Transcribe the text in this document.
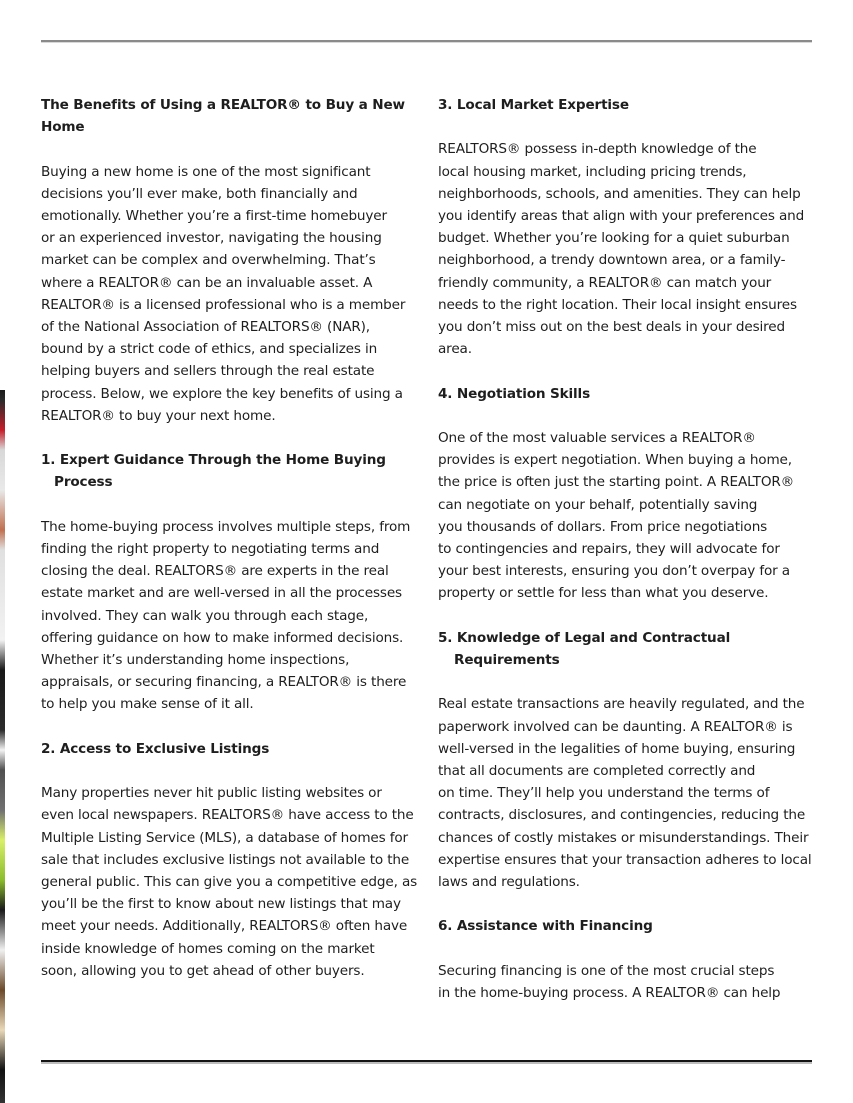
The Benefits of Using a REALTOR® to Buy a New
Home
Buying a new home is one of the most significant
decisions you’ll ever make, both financially and
emotionally. Whether you’re a first-time homebuyer
or an experienced investor, navigating the housing
market can be complex and overwhelming. That’s
where a REALTOR® can be an invaluable asset. A
REALTOR® is a licensed professional who is a member
of the National Association of REALTORS® (NAR),
bound by a strict code of ethics, and specializes in
helping buyers and sellers through the real estate
process. Below, we explore the key benefits of using a
REALTOR® to buy your next home.
1. Expert Guidance Through the Home Buying
Process
The home-buying process involves multiple steps, from
finding the right property to negotiating terms and
closing the deal. REALTORS® are experts in the real
estate market and are well-versed in all the processes
involved. They can walk you through each stage,
offering guidance on how to make informed decisions.
Whether it’s understanding home inspections,
appraisals, or securing financing, a REALTOR® is there
to help you make sense of it all.
2. Access to Exclusive Listings
Many properties never hit public listing websites or
even local newspapers. REALTORS® have access to the
Multiple Listing Service (MLS), a database of homes for
sale that includes exclusive listings not available to the
general public. This can give you a competitive edge, as
you’ll be the first to know about new listings that may
meet your needs. Additionally, REALTORS® often have
inside knowledge of homes coming on the market
soon, allowing you to get ahead of other buyers.
3. Local Market Expertise
REALTORS® possess in-depth knowledge of the
local housing market, including pricing trends,
neighborhoods, schools, and amenities. They can help
you identify areas that align with your preferences and
budget. Whether you’re looking for a quiet suburban
neighborhood, a trendy downtown area, or a family-
friendly community, a REALTOR® can match your
needs to the right location. Their local insight ensures
you don’t miss out on the best deals in your desired
area.
4. Negotiation Skills
One of the most valuable services a REALTOR®
provides is expert negotiation. When buying a home,
the price is often just the starting point. A REALTOR®
can negotiate on your behalf, potentially saving
you thousands of dollars. From price negotiations
to contingencies and repairs, they will advocate for
your best interests, ensuring you don’t overpay for a
property or settle for less than what you deserve.
5. Knowledge of Legal and Contractual
Requirements
Real estate transactions are heavily regulated, and the
paperwork involved can be daunting. A REALTOR® is
well-versed in the legalities of home buying, ensuring
that all documents are completed correctly and
on time. They’ll help you understand the terms of
contracts, disclosures, and contingencies, reducing the
chances of costly mistakes or misunderstandings. Their
expertise ensures that your transaction adheres to local
laws and regulations.
6. Assistance with Financing
Securing financing is one of the most crucial steps
in the home-buying process. A REALTOR® can help
